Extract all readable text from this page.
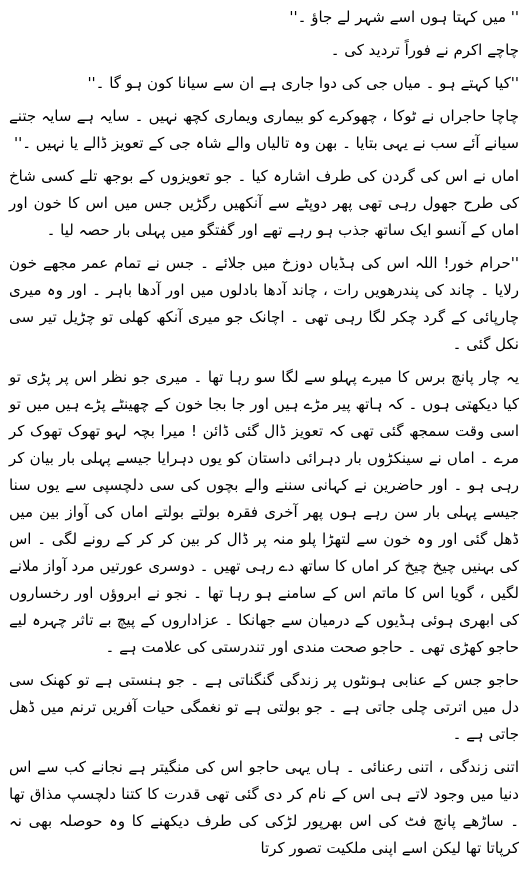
'' میں کہتا ہوں اسے شہر لے جاؤ ۔''

چاچے اکرم نے فوراً تردید کی ۔

''کیا کہتے ہو ۔ میاں جی کی دوا جاری ہے ان سے سیانا کون ہو گا ۔''

چاچا حاجراں نے ٹوکا ، چھوکرے کو بیماری ویماری کچھ نہیں ۔ سایہ ہے سایہ جتنے سیانے آئے سب نے یہی بتایا ۔ بھن وہ تالیاں والے شاہ جی کے تعویز ڈالے یا نہیں ۔''

اماں نے اس کی گردن کی طرف اشارہ کیا ۔ جو تعویزوں کے بوجھ تلے کسی شاخ کی طرح جھول رہی تھی پھر دوپٹے سے آنکھیں رگڑیں جس میں اس کا خون اور اماں کے آنسو ایک ساتھ جذب ہو رہے تھے اور گفتگو میں پہلی بار حصہ لیا ۔

''حرام خور! اللہ اس کی ہڈیاں دوزخ میں جلائے ۔ جس نے تمام عمر مجھے خون رلایا ۔ چاند کی پندرھویں رات ، چاند آدھا بادلوں میں اور آدھا باہر ۔ اور وہ میری چارپائی کے گرد چکر لگا رہی تھی ۔ اچانک جو میری آنکھ کھلی تو چڑیل تیر سی نکل گئی ۔

یہ چار پانچ برس کا میرے پہلو سے لگا سو رہا تھا ۔ میری جو نظر اس پر پڑی تو کیا دیکھتی ہوں ۔ کہ ہاتھ پیر مڑے ہیں اور جا بجا خون کے چھینٹے پڑے ہیں میں تو اسی وقت سمجھ گئی تھی کہ تعویز ڈال گئی ڈائن ! میرا بچہ لہو تھوک تھوک کر مرے ۔ اماں نے سینکڑوں بار دہرائی داستان کو یوں دہرایا جیسے پہلی بار بیان کر رہی ہو ۔ اور حاضرین نے کہانی سننے والے بچوں کی سی دلچسپی سے یوں سنا جیسے پہلی بار سن رہے ہوں پھر آخری فقرہ بولتے بولتے اماں کی آواز بین میں ڈھل گئی اور وہ خون سے لتھڑا پلو منہ پر ڈال کر بین کر کر کے رونے لگی ۔ اس کی بہنیں چیخ چیخ کر اماں کا ساتھ دے رہی تھیں ۔ دوسری عورتیں مرد آواز ملانے لگیں ، گویا اس کا ماتم اس کے سامنے ہو رہا تھا ۔ نجو نے ابروؤں اور رخساروں کی ابھری ہوئی ہڈیوں کے درمیان سے جھانکا ۔ عزاداروں کے پیچ بے تاثر چہرہ لیے حاجو کھڑی تھی ۔ حاجو صحت مندی اور تندرستی کی علامت ہے ۔

حاجو جس کے عنابی ہونٹوں پر زندگی گنگناتی ہے ۔ جو ہنستی ہے تو کھنک سی دل میں اترتی چلی جاتی ہے ۔ جو بولتی ہے تو نغمگی حیات آفریں ترنم میں ڈھل جاتی ہے ۔

اتنی زندگی ، اتنی رعنائی ۔ ہاں یہی حاجو اس کی منگیتر ہے نجانے کب سے اس دنیا میں وجود لاتے ہی اس کے نام کر دی گئی تھی قدرت کا کتنا دلچسپ مذاق تھا ۔ ساڑھے پانچ فٹ کی اس بھرپور لڑکی کی طرف دیکھنے کا وہ حوصلہ بھی نہ کرپاتا تھا لیکن اسے اپنی ملکیت تصور کرتا
